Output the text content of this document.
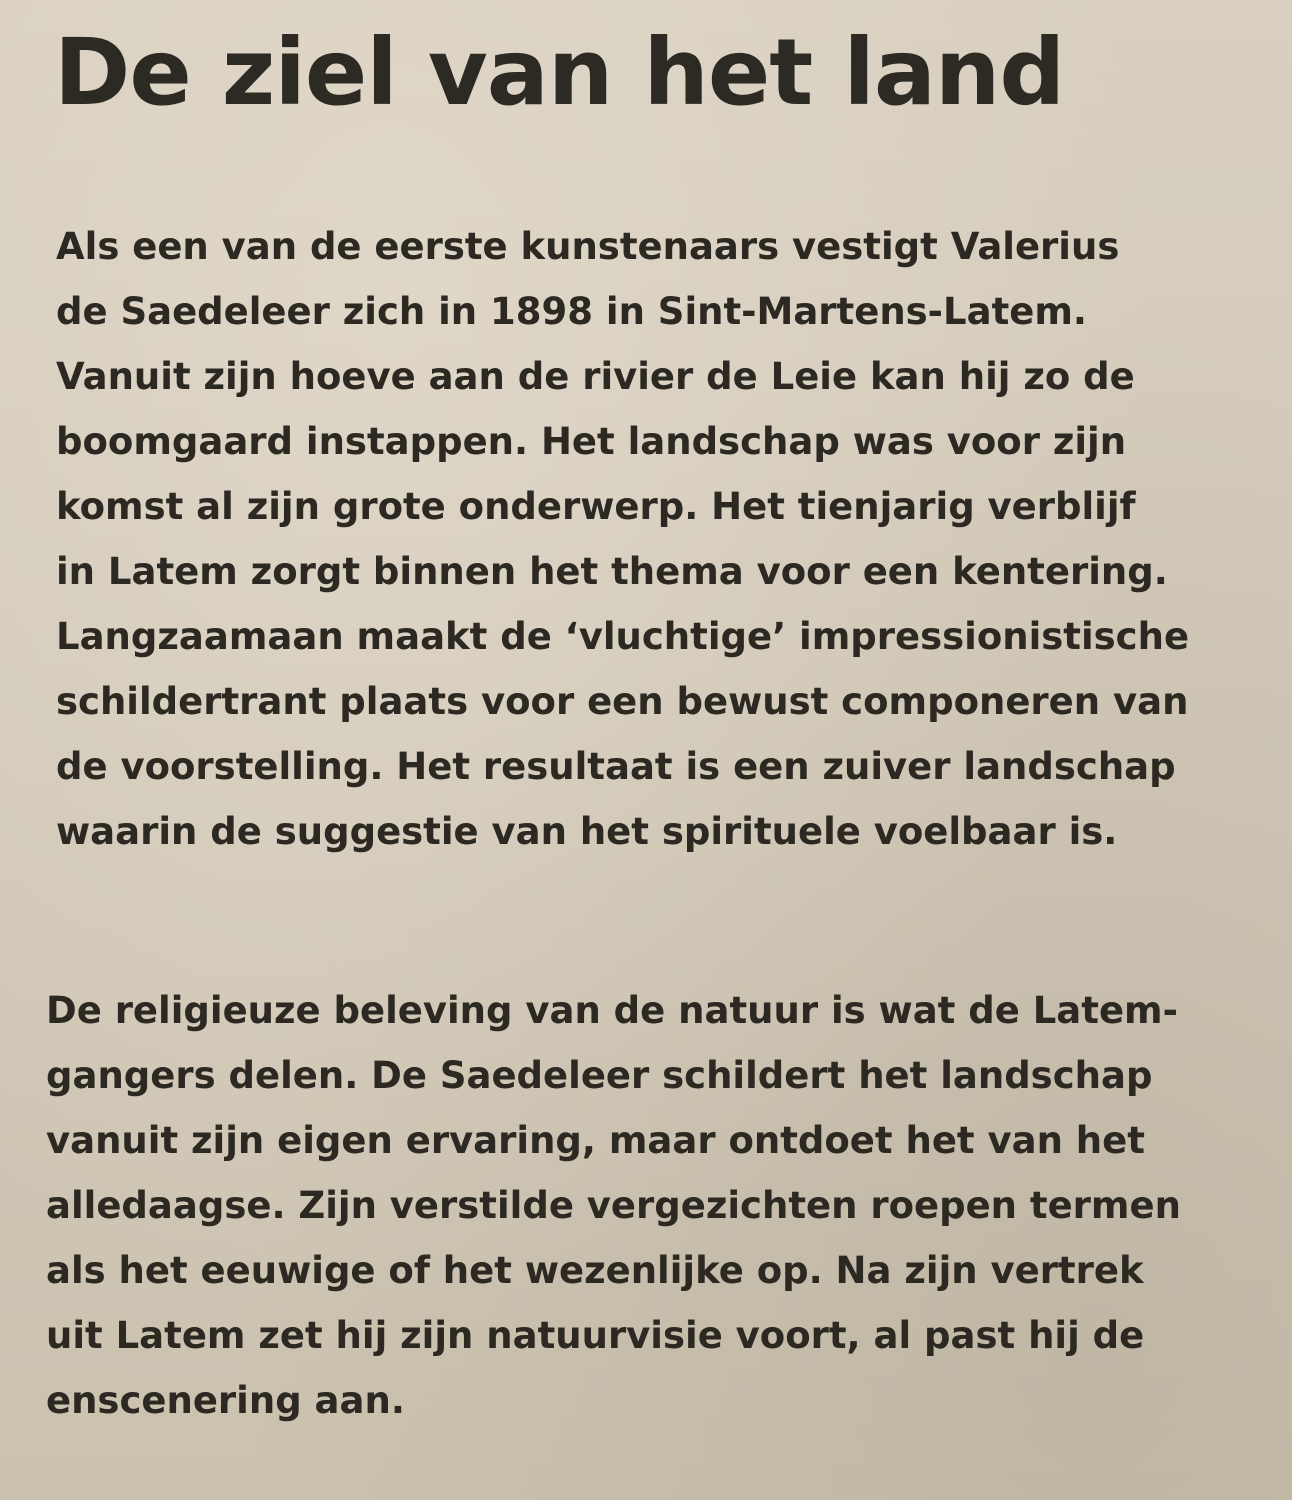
De ziel van het land
Als een van de eerste kunstenaars vestigt Valerius
de Saedeleer zich in 1898 in Sint-Martens-Latem.
Vanuit zijn hoeve aan de rivier de Leie kan hij zo de
boomgaard instappen. Het landschap was voor zijn
komst al zijn grote onderwerp. Het tienjarig verblijf
in Latem zorgt binnen het thema voor een kentering.
Langzaamaan maakt de ‘vluchtige’ impressionistische
schildertrant plaats voor een bewust componeren van
de voorstelling. Het resultaat is een zuiver landschap
waarin de suggestie van het spirituele voelbaar is.
De religieuze beleving van de natuur is wat de Latem-
gangers delen. De Saedeleer schildert het landschap
vanuit zijn eigen ervaring, maar ontdoet het van het
alledaagse. Zijn verstilde vergezichten roepen termen
als het eeuwige of het wezenlijke op. Na zijn vertrek
uit Latem zet hij zijn natuurvisie voort, al past hij de
enscenering aan.
